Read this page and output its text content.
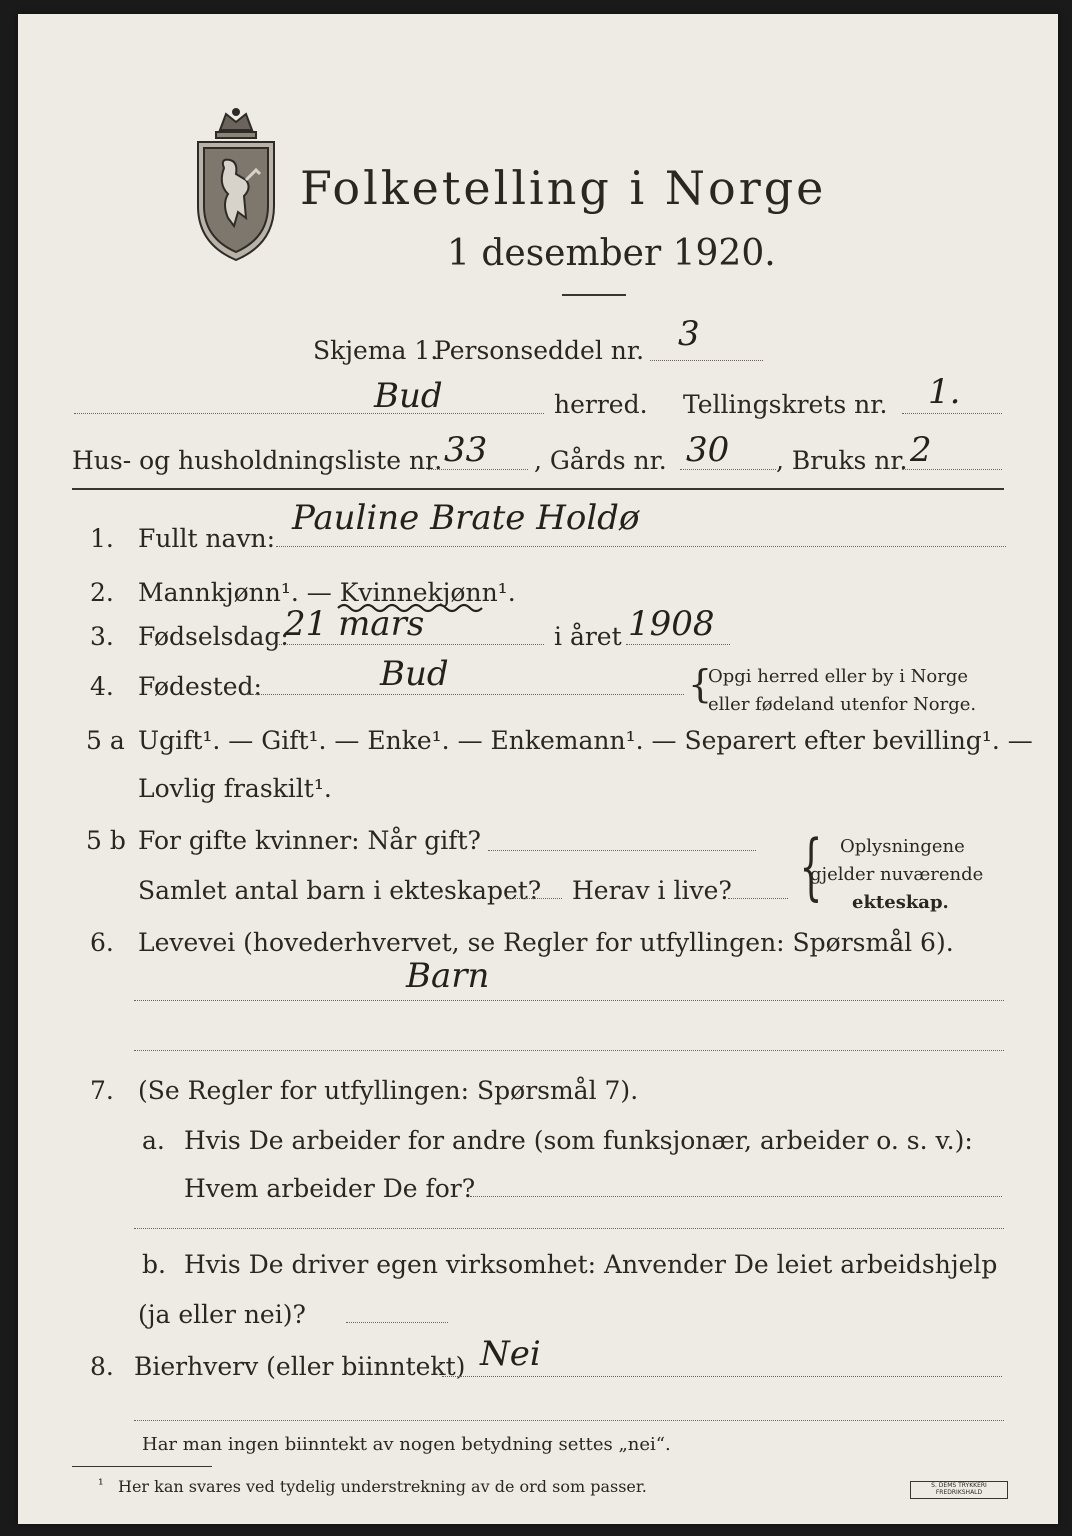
Folketelling i Norge
1 desember 1920.
Skjema 1.
Personseddel nr. 3
Bud	herred. Tellingskrets nr. 1.
Hus- og husholdningsliste nr. 33 , Gårds nr. 30 , Bruks nr. 2
1. Fullt navn:
Pauline Brate Holdø
2. Mannkjønn¹. — Kvinnekjønn¹.
3. Fødselsdag:
21 mars	i året 1908
4. Fødested:	Bud	{
Opgi herred eller by i Norge
eller fødeland utenfor Norge.
5 a Ugift¹. — Gift¹. — Enke¹. — Enkemann¹. — Separert efter bevilling¹. —
Lovlig fraskilt¹.
5 b For gifte kvinner: Når gift?
Samlet antal barn i ekteskapet? Herav i live? { Oplysningene
gjelder nuværende
ekteskap.
6. Levevei (hovederhvervet, se Regler for utfyllingen: Spørsmål 6).
Barn
7. (Se Regler for utfyllingen: Spørsmål 7).
a. Hvis De arbeider for andre (som funksjonær, arbeider o. s. v.):
Hvem arbeider De for?
b. Hvis De driver egen virksomhet: Anvender De leiet arbeidshjelp
(ja eller nei)?
8. Bierhverv (eller biinntekt) Nei
Har man ingen biinntekt av nogen betydning settes „nei“.
¹ Her kan svares ved tydelig understrekning av de ord som passer.	S. DEMS TRYKKERI
FREDRIKSHALD
